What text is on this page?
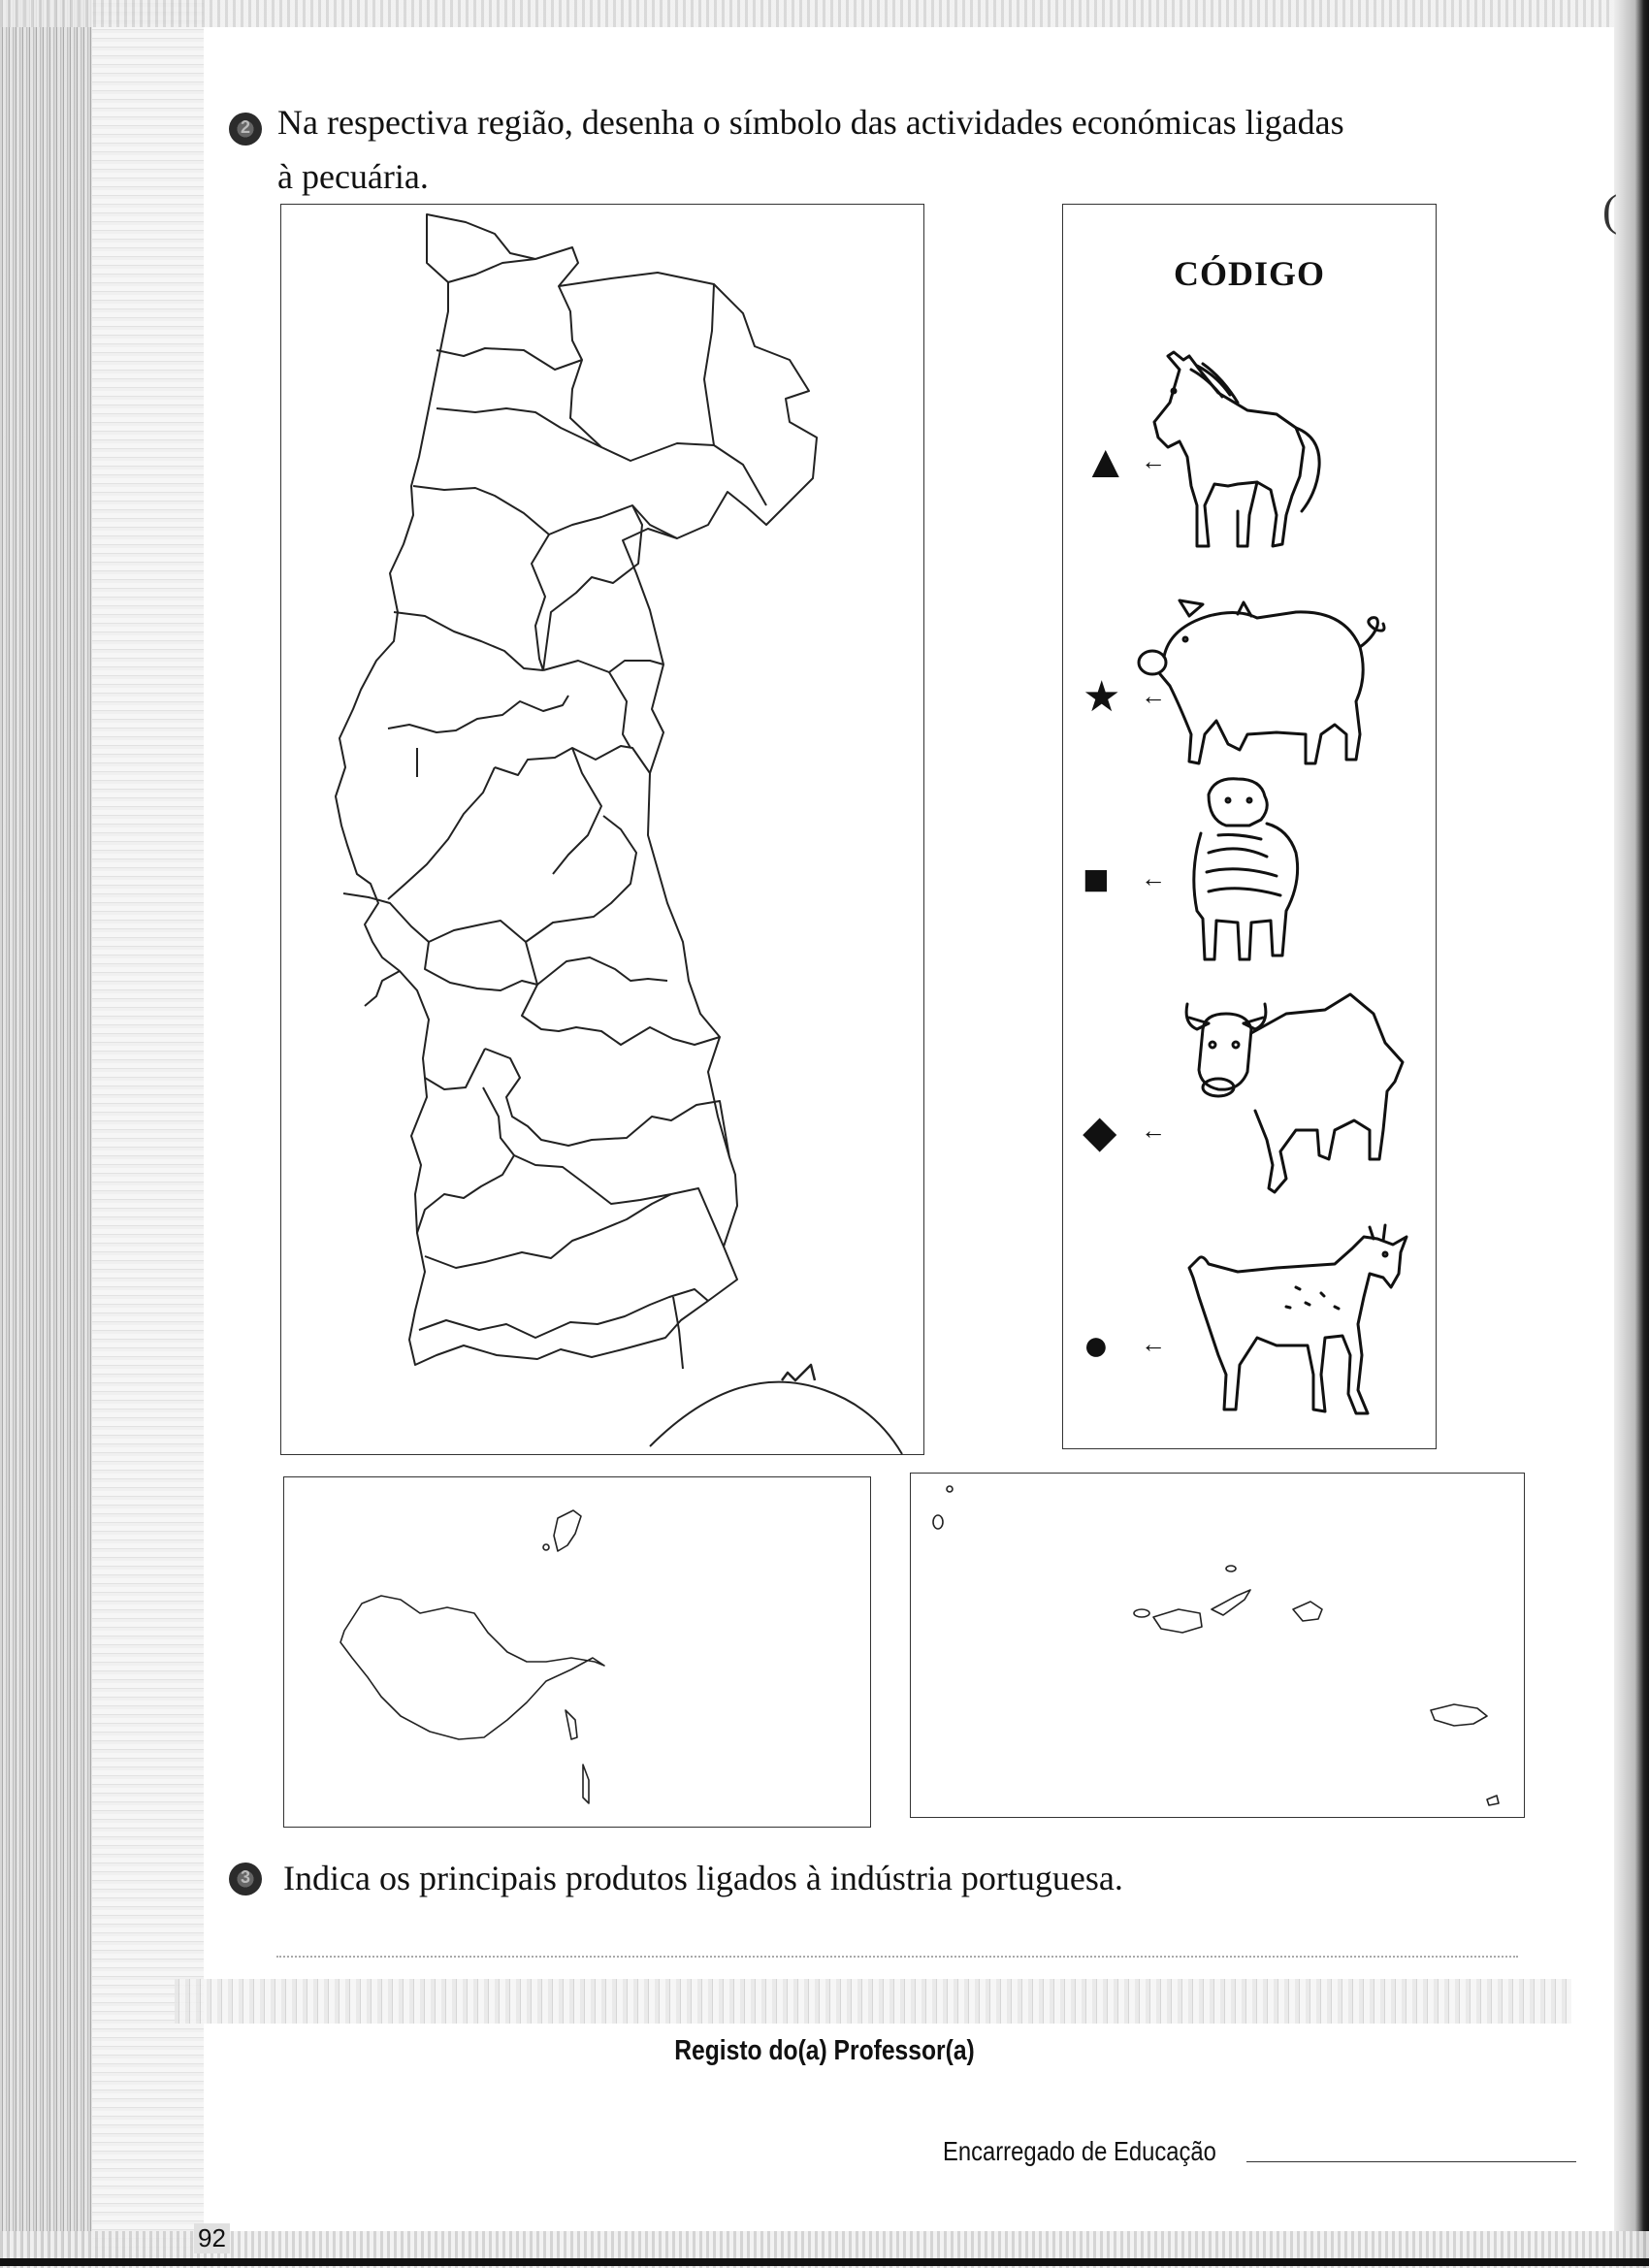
(
2 Na respectiva região, desenha o símbolo das actividades económicas ligadas
à pecuária.
CÓDIGO
▲ ←
★ ←
■ ←
◆ ←
● ←
3 Indica os principais produtos ligados à indústria portuguesa.
Registo do(a) Professor(a)
Encarregado de Educação
92
